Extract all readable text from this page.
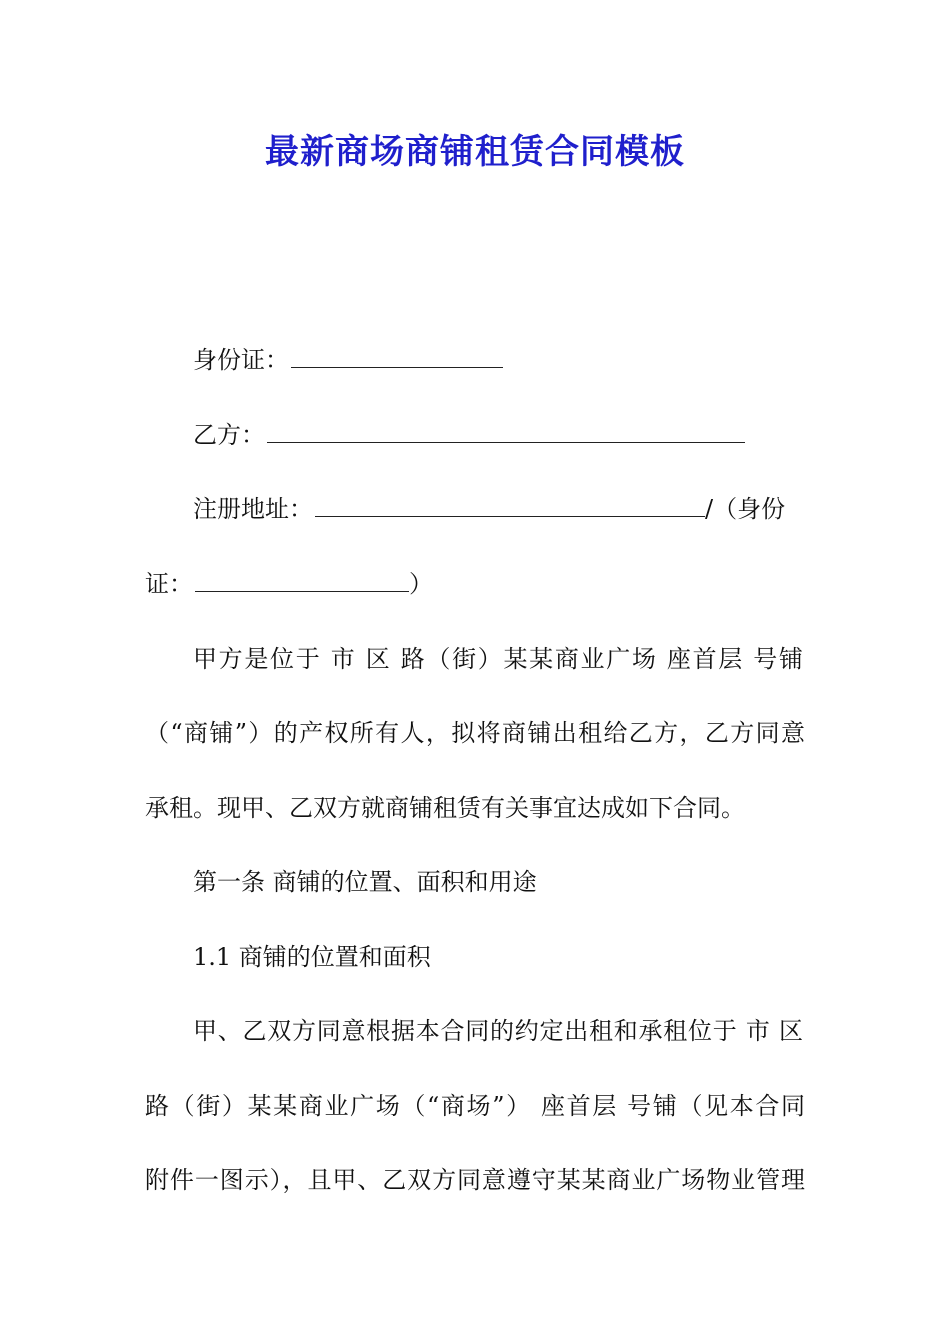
最新商场商铺租赁合同模板
身份证：
乙方：
注册地址：	/（身份
证：	）
甲方是位于 市 区 路（街）某某商业广场 座首层 号铺
（“商铺”）的产权所有人，拟将商铺出租给乙方，乙方同意
承租。现甲、乙双方就商铺租赁有关事宜达成如下合同。
第一条 商铺的位置、面积和用途
1.1 商铺的位置和面积
甲、乙双方同意根据本合同的约定出租和承租位于 市 区
路（街）某某商业广场（“商场”） 座首层 号铺（见本合同
附件一图示），且甲、乙双方同意遵守某某商业广场物业管理
